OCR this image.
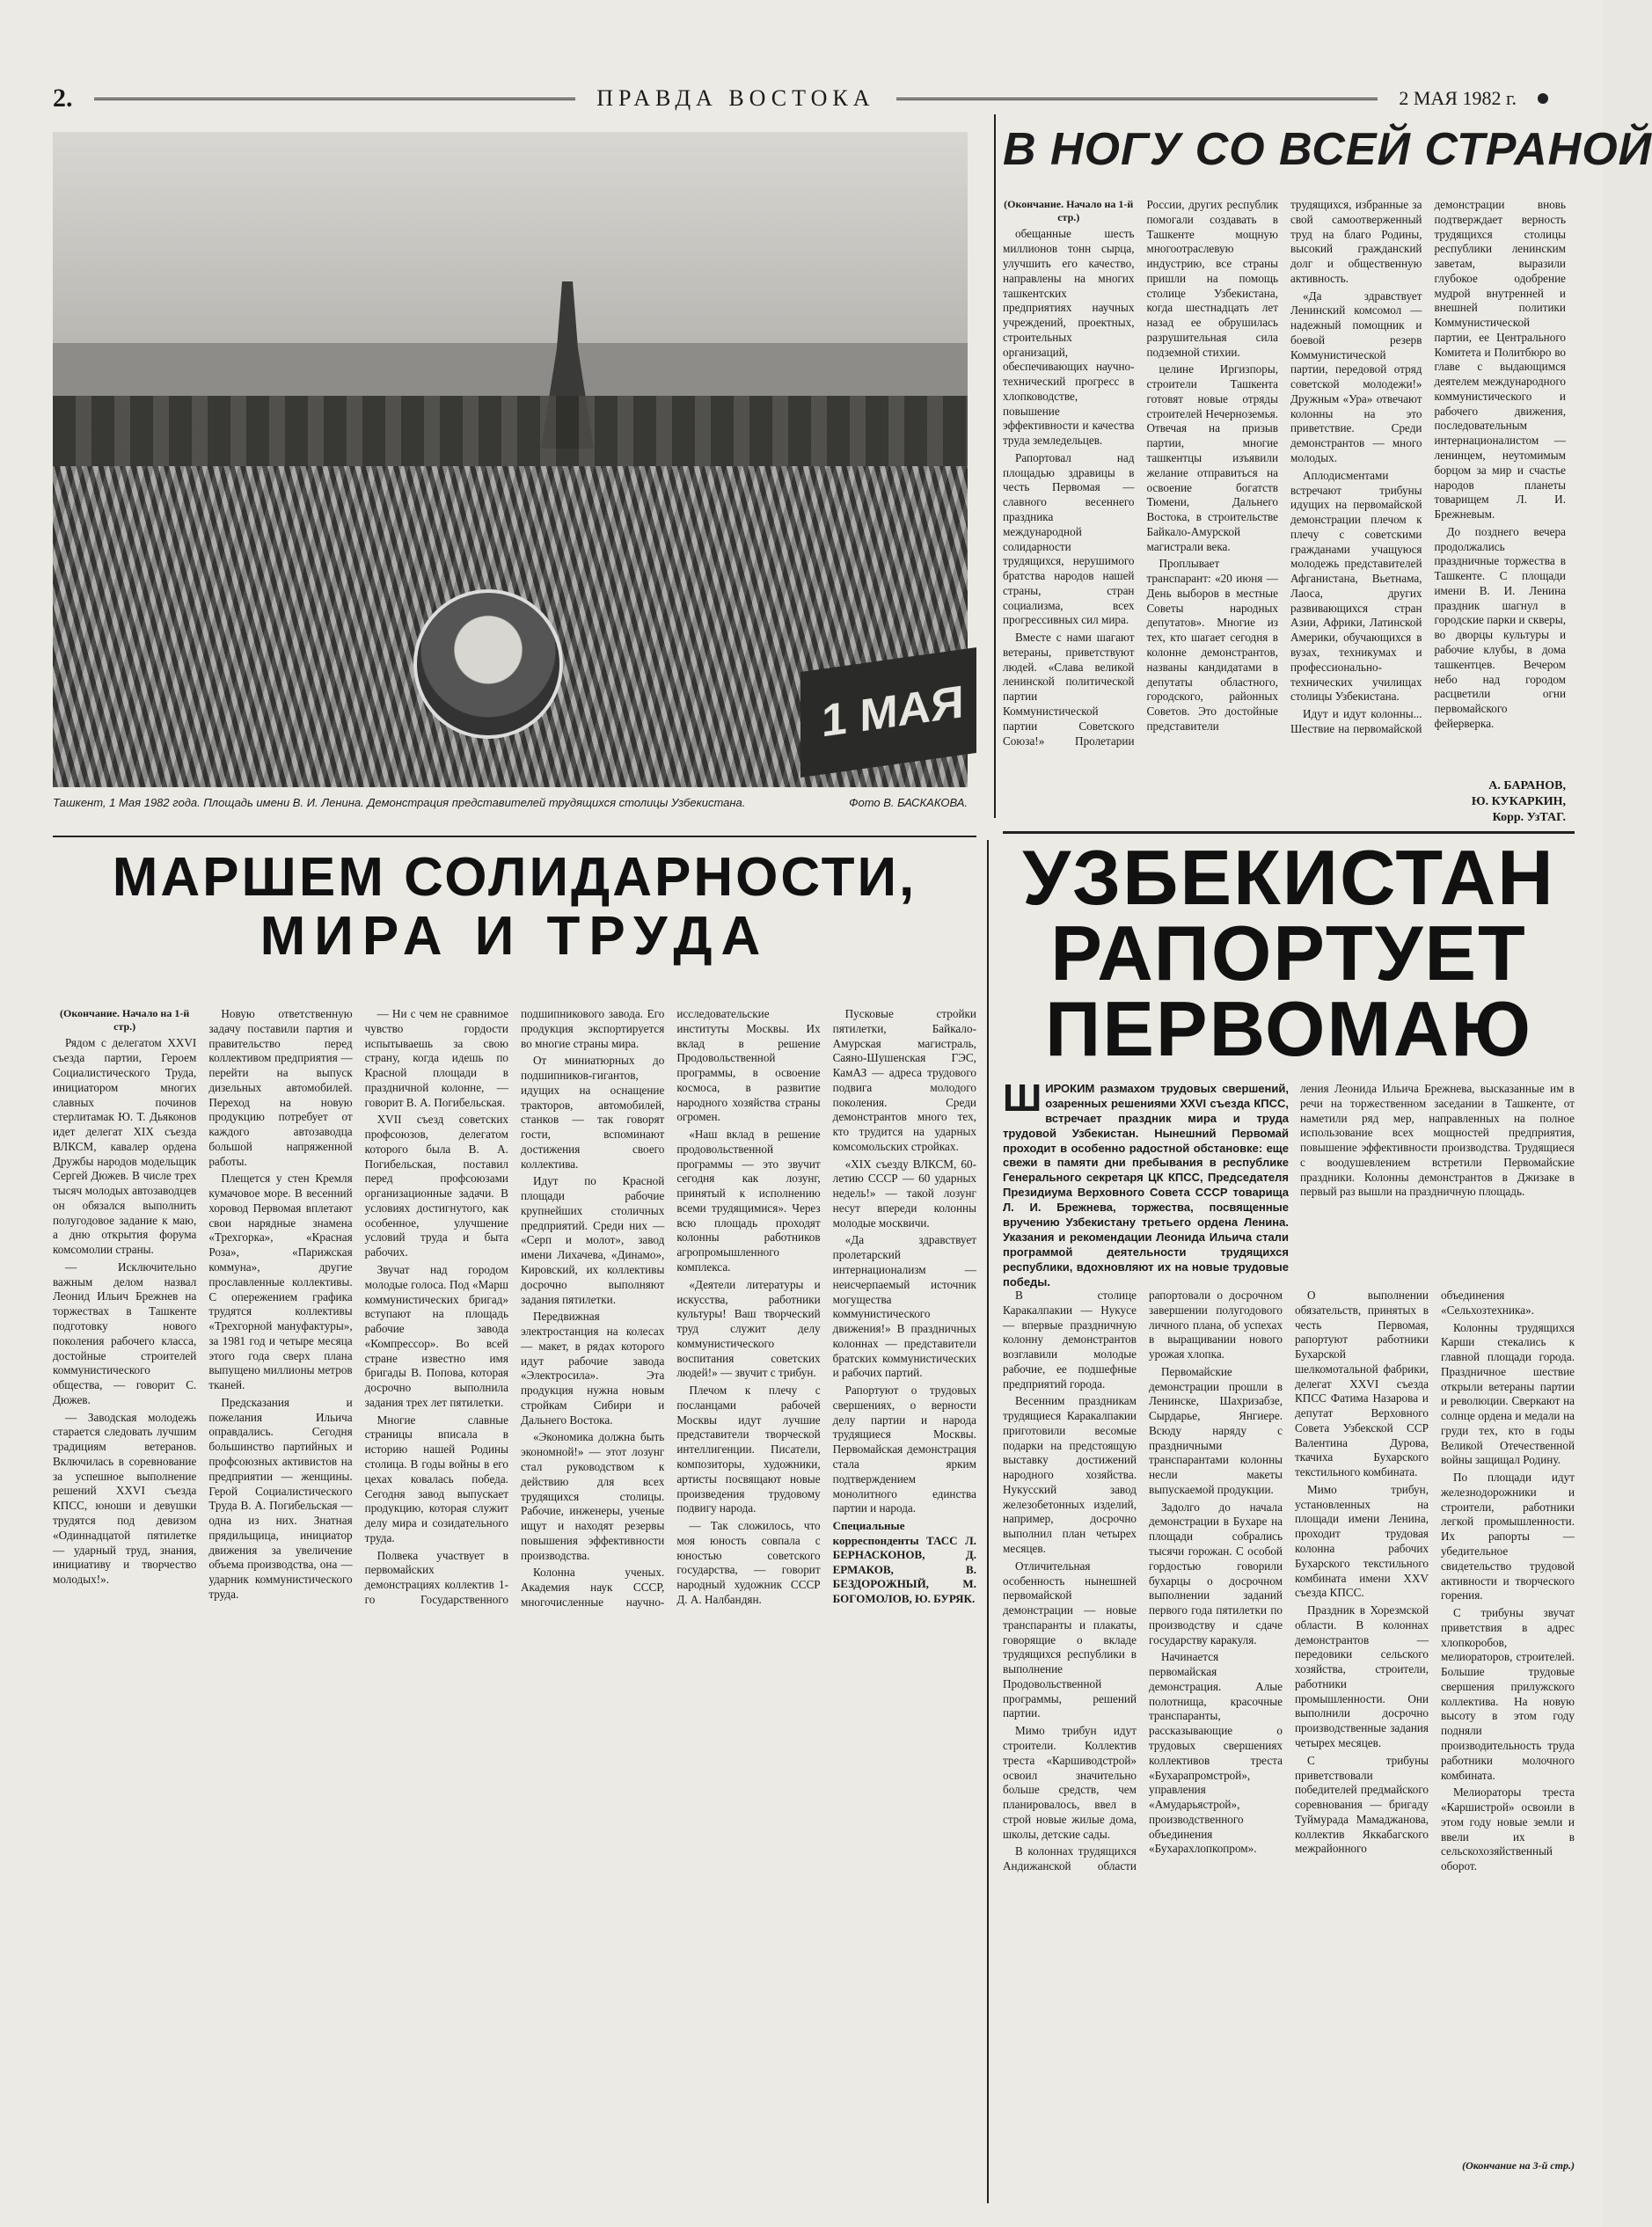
2.	ПРАВДА ВОСТОКА	2 МАЯ 1982 г.
1 МАЯ
Ташкент, 1 Мая 1982 года. Площадь имени В. И. Ленина. Демонстрация представителей трудящихся столицы Узбекистана.	Фото В. БАСКАКОВА.
В НОГУ СО ВСЕЙ СТРАНОЙ

(Окончание. Начало на 1-й стр.)

обещанные шесть миллионов тонн сырца, улучшить его качество, направлены на многих ташкентских предприятиях научных учреждений, проектных, строительных организаций, обеспечивающих научно-технический прогресс в хлопководстве, повышение эффективности и качества труда земледельцев.

Рапортовал над площадью здравицы в честь Первомая — славного весеннего праздника международной солидарности трудящихся, нерушимого братства народов нашей страны, стран социализма, всех прогрессивных сил мира.

Вместе с нами шагают ветераны, приветствуют людей. «Слава великой ленинской политической партии Коммунистической партии Советского Союза!» Пролетарии России, других республик помогали создавать в Ташкенте мощную многоотраслевую индустрию, все страны пришли на помощь столице Узбекистана, когда шестнадцать лет назад ее обрушилась разрушительная сила подземной стихии.

целине Иргизпоры, строители Ташкента готовят новые отряды строителей Нечерноземья. Отвечая на призыв партии, многие ташкентцы изъявили желание отправиться на освоение богатств Тюмени, Дальнего Востока, в строительстве Байкало-Амурской магистрали века.

Проплывает транспарант: «20 июня — День выборов в местные Советы народных депутатов». Многие из тех, кто шагает сегодня в колонне демонстрантов, названы кандидатами в депутаты областного, городского, районных Советов. Это достойные представители трудящихся, избранные за свой самоотверженный труд на благо Родины, высокий гражданский долг и общественную активность.

«Да здравствует Ленинский комсомол — надежный помощник и боевой резерв Коммунистической партии, передовой отряд советской молодежи!» Дружным «Ура» отвечают колонны на это приветствие. Среди демонстрантов — много молодых.

Аплодисментами встречают трибуны идущих на первомайской демонстрации плечом к плечу с советскими гражданами учащуюся молодежь представителей Афганистана, Вьетнама, Лаоса, других развивающихся стран Азии, Африки, Латинской Америки, обучающихся в вузах, техникумах и профессионально-технических училищах столицы Узбекистана.

Идут и идут колонны... Шествие на первомайской демонстрации вновь подтверждает верность трудящихся столицы республики ленинским заветам, выразили глубокое одобрение мудрой внутренней и внешней политики Коммунистической партии, ее Центрального Комитета и Политбюро во главе с выдающимся деятелем международного коммунистического и рабочего движения, последовательным интернационалистом — ленинцем, неутомимым борцом за мир и счастье народов планеты товарищем Л. И. Брежневым.

До позднего вечера продолжались праздничные торжества в Ташкенте. С площади имени В. И. Ленина праздник шагнул в городские парки и скверы, во дворцы культуры и рабочие клубы, в дома ташкентцев. Вечером небо над городом расцветили огни первомайского фейерверка.

А. БАРАНОВ,
Ю. КУКАРКИН,
Корр. УзТАГ.
УЗБЕКИСТАН
РАПОРТУЕТ
ПЕРВОМАЮ
Ш ИРОКИМ размахом трудовых свершений, озаренных решениями XXVI съезда КПСС, встречает праздник мира и труда трудовой Узбекистан. Нынешний Первомай проходит в особенно радостной обстановке: еще свежи в памяти дни пребывания в республике Генерального секретаря ЦК КПСС, Председателя Президиума Верховного Совета СССР товарища Л. И. Брежнева, торжества, посвященные вручению Узбекистану третьего ордена Ленина. Указания и рекомендации Леонида Ильича стали программой деятельности трудящихся республики, вдохновляют их на новые трудовые победы.
ления Леонида Ильича Брежнева, высказанные им в речи на торжественном заседании в Ташкенте, от наметили ряд мер, направленных на полное использование всех мощностей предприятия, повышение эффективности производства. Трудящиеся с воодушевлением встретили Первомайские праздники. Колонны демонстрантов в Джизаке в первый раз вышли на праздничную площадь.

В столице Каракалпакии — Нукусе — впервые праздничную колонну демонстрантов возглавили молодые рабочие, ее подшефные предприятий города.

Весенним праздникам трудящиеся Каракалпакии приготовили весомые подарки на предстоящую выставку достижений народного хозяйства. Нукусский завод железобетонных изделий, например, досрочно выполнил план четырех месяцев.

Отличительная особенность нынешней первомайской демонстрации — новые транспаранты и плакаты, говорящие о вкладе трудящихся республики в выполнение Продовольственной программы, решений партии.

Мимо трибун идут строители. Коллектив треста «Каршиводстрой» освоил значительно больше средств, чем планировалось, ввел в строй новые жилые дома, школы, детские сады.

В колоннах трудящихся Андижанской области рапортовали о досрочном завершении полугодового личного плана, об успехах в выращивании нового урожая хлопка.

Первомайские демонстрации прошли в Ленинске, Шахризабзе, Сырдарье, Янгиере. Всюду наряду с праздничными транспарантами колонны несли макеты выпускаемой продукции.

Задолго до начала демонстрации в Бухаре на площади собрались тысячи горожан. С особой гордостью говорили бухарцы о досрочном выполнении заданий первого года пятилетки по производству и сдаче государству каракуля.

Начинается первомайская демонстрация. Алые полотнища, красочные транспаранты, рассказывающие о трудовых свершениях коллективов треста «Бухарапромстрой», управления «Амударьястрой», производственного объединения «Бухарахлопкопром».

О выполнении обязательств, принятых в честь Первомая, рапортуют работники Бухарской шелкомотальной фабрики, делегат XXVI съезда КПСС Фатима Назарова и депутат Верховного Совета Узбекской ССР Валентина Дурова, ткачиха Бухарского текстильного комбината.

Мимо трибун, установленных на площади имени Ленина, проходит трудовая колонна рабочих Бухарского текстильного комбината имени XXV съезда КПСС.

Праздник в Хорезмской области. В колоннах демонстрантов — передовики сельского хозяйства, строители, работники промышленности. Они выполнили досрочно производственные задания четырех месяцев.

С трибуны приветствовали победителей предмайского соревнования — бригаду Туймурада Мамаджанова, коллектив Яккабагского межрайонного объединения «Сельхозтехника».

Колонны трудящихся Карши стекались к главной площади города. Праздничное шествие открыли ветераны партии и революции. Сверкают на солнце ордена и медали на груди тех, кто в годы Великой Отечественной войны защищал Родину.

По площади идут железнодорожники и строители, работники легкой промышленности. Их рапорты — убедительное свидетельство трудовой активности и творческого горения.

С трибуны звучат приветствия в адрес хлопкоробов, мелиораторов, строителей. Большие трудовые свершения прилужского коллектива. На новую высоту в этом году подняли производительность труда работники молочного комбината.

Мелиораторы треста «Каршистрой» освоили в этом году новые земли и ввели их в сельскохозяйственный оборот.

(Окончание на 3-й стр.)
МАРШЕМ СОЛИДАРНОСТИ,
МИРА И ТРУДА

(Окончание. Начало на 1-й стр.)

Рядом с делегатом XXVI съезда партии, Героем Социалистического Труда, инициатором многих славных починов стерлитамак Ю. Т. Дьяконов идет делегат XIX съезда ВЛКСМ, кавалер ордена Дружбы народов модельщик Сергей Дюжев. В числе трех тысяч молодых автозаводцев он обязался выполнить полугодовое задание к маю, а дню открытия форума комсомолии страны.

— Исключительно важным делом назвал Леонид Ильич Брежнев на торжествах в Ташкенте подготовку нового поколения рабочего класса, достойные строителей коммунистического общества, — говорит С. Дюжев.

— Заводская молодежь старается следовать лучшим традициям ветеранов. Включилась в соревнование за успешное выполнение решений XXVI съезда КПСС, юноши и девушки трудятся под девизом «Одиннадцатой пятилетке — ударный труд, знания, инициативу и творчество молодых!».

Новую ответственную задачу поставили партия и правительство перед коллективом предприятия — перейти на выпуск дизельных автомобилей. Переход на новую продукцию потребует от каждого автозаводца большой напряженной работы.

Плещется у стен Кремля кумачовое море. В весенний хоровод Первомая вплетают свои нарядные знамена «Трехгорка», «Красная Роза», «Парижская коммуна», другие прославленные коллективы. С опережением графика трудятся коллективы «Трехгорной мануфактуры», за 1981 год и четыре месяца этого года сверх плана выпущено миллионы метров тканей.

Предсказания и пожелания Ильича оправдались. Сегодня большинство партийных и профсоюзных активистов на предприятии — женщины. Герой Социалистического Труда В. А. Погибельская — одна из них. Знатная прядильщица, инициатор движения за увеличение объема производства, она — ударник коммунистического труда.

— Ни с чем не сравнимое чувство гордости испытываешь за свою страну, когда идешь по Красной площади в праздничной колонне, — говорит В. А. Погибельская.

XVII съезд советских профсоюзов, делегатом которого была В. А. Погибельская, поставил перед профсоюзами организационные задачи. В условиях достигнутого, как особенное, улучшение условий труда и быта рабочих.

Звучат над городом молодые голоса. Под «Марш коммунистических бригад» вступают на площадь рабочие завода «Компрессор». Во всей стране известно имя бригады В. Попова, которая досрочно выполнила задания трех лет пятилетки.

Многие славные страницы вписала в историю нашей Родины столица. В годы войны в его цехах ковалась победа. Сегодня завод выпускает продукцию, которая служит делу мира и созидательного труда.

Полвека участвует в первомайских демонстрациях коллектив 1-го Государственного подшипникового завода. Его продукция экспортируется во многие страны мира.

От миниатюрных до подшипников-гигантов, идущих на оснащение тракторов, автомобилей, станков — так говорят гости, вспоминают достижения своего коллектива.

Идут по Красной площади рабочие крупнейших столичных предприятий. Среди них — «Серп и молот», завод имени Лихачева, «Динамо», Кировский, их коллективы досрочно выполняют задания пятилетки.

Передвижная электростанция на колесах — макет, в рядах которого идут рабочие завода «Электросила». Эта продукция нужна новым стройкам Сибири и Дальнего Востока.

«Экономика должна быть экономной!» — этот лозунг стал руководством к действию для всех трудящихся столицы. Рабочие, инженеры, ученые ищут и находят резервы повышения эффективности производства.

Колонна ученых. Академия наук СССР, многочисленные научно-исследовательские институты Москвы. Их вклад в решение Продовольственной программы, в освоение космоса, в развитие народного хозяйства страны огромен.

«Наш вклад в решение продовольственной программы — это звучит сегодня как лозунг, принятый к исполнению всеми трудящимися». Через всю площадь проходят колонны работников агропромышленного комплекса.

«Деятели литературы и искусства, работники культуры! Ваш творческий труд служит делу коммунистического воспитания советских людей!» — звучит с трибун.

Плечом к плечу с посланцами рабочей Москвы идут лучшие представители творческой интеллигенции. Писатели, композиторы, художники, артисты посвящают новые произведения трудовому подвигу народа.

— Так сложилось, что моя юность совпала с юностью советского государства, — говорит народный художник СССР Д. А. Налбандян.

Пусковые стройки пятилетки, Байкало-Амурская магистраль, Саяно-Шушенская ГЭС, КамАЗ — адреса трудового подвига молодого поколения. Среди демонстрантов много тех, кто трудится на ударных комсомольских стройках.

«XIX съезду ВЛКСМ, 60-летию СССР — 60 ударных недель!» — такой лозунг несут впереди колонны молодые москвичи.

«Да здравствует пролетарский интернационализм — неисчерпаемый источник могущества коммунистического движения!» В праздничных колоннах — представители братских коммунистических и рабочих партий.

Рапортуют о трудовых свершениях, о верности делу партии и народа трудящиеся Москвы. Первомайская демонстрация стала ярким подтверждением монолитного единства партии и народа.

Специальные корреспонденты ТАСС Л. БЕРНАСКОНОВ, Д. ЕРМАКОВ, В. БЕЗДОРОЖНЫЙ, М. БОГОМОЛОВ, Ю. БУРЯК.
